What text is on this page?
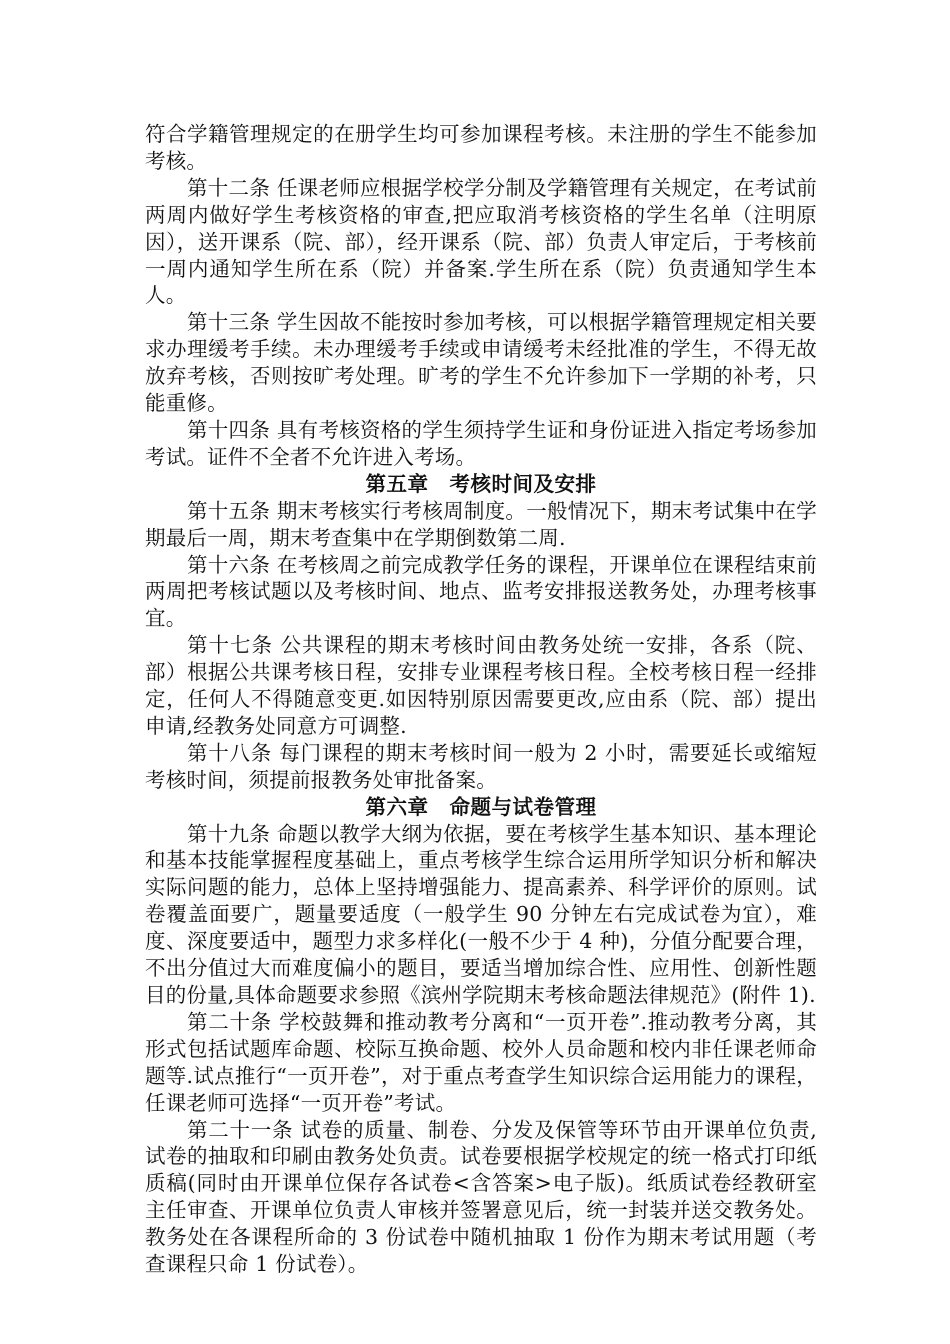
符合学籍管理规定的在册学生均可参加课程考核。未注册的学生不能参加考核。

第十二条 任课老师应根据学校学分制及学籍管理有关规定，在考试前两周内做好学生考核资格的审查,把应取消考核资格的学生名单（注明原因），送开课系（院、部），经开课系（院、部）负责人审定后，于考核前一周内通知学生所在系（院）并备案.学生所在系（院）负责通知学生本人。

第十三条 学生因故不能按时参加考核，可以根据学籍管理规定相关要求办理缓考手续。未办理缓考手续或申请缓考未经批准的学生，不得无故放弃考核，否则按旷考处理。旷考的学生不允许参加下一学期的补考，只能重修。

第十四条 具有考核资格的学生须持学生证和身份证进入指定考场参加考试。证件不全者不允许进入考场。

第五章　考核时间及安排

第十五条 期末考核实行考核周制度。一般情况下，期末考试集中在学期最后一周，期末考查集中在学期倒数第二周.

第十六条 在考核周之前完成教学任务的课程，开课单位在课程结束前两周把考核试题以及考核时间、地点、监考安排报送教务处，办理考核事宜。

第十七条 公共课程的期末考核时间由教务处统一安排，各系（院、部）根据公共课考核日程，安排专业课程考核日程。全校考核日程一经排定，任何人不得随意变更.如因特别原因需要更改,应由系（院、部）提出申请,经教务处同意方可调整.

第十八条 每门课程的期末考核时间一般为 2 小时，需要延长或缩短考核时间，须提前报教务处审批备案。

第六章　命题与试卷管理

第十九条 命题以教学大纲为依据，要在考核学生基本知识、基本理论和基本技能掌握程度基础上，重点考核学生综合运用所学知识分析和解决实际问题的能力，总体上坚持增强能力、提高素养、科学评价的原则。试卷覆盖面要广，题量要适度（一般学生 90 分钟左右完成试卷为宜），难度、深度要适中，题型力求多样化(一般不少于 4 种)，分值分配要合理，不出分值过大而难度偏小的题目，要适当增加综合性、应用性、创新性题目的份量,具体命题要求参照《滨州学院期末考核命题法律规范》(附件 1).

第二十条 学校鼓舞和推动教考分离和“一页开卷”.推动教考分离，其形式包括试题库命题、校际互换命题、校外人员命题和校内非任课老师命题等.试点推行“一页开卷”，对于重点考查学生知识综合运用能力的课程，任课老师可选择“一页开卷”考试。

第二十一条 试卷的质量、制卷、分发及保管等环节由开课单位负责,试卷的抽取和印刷由教务处负责。试卷要根据学校规定的统一格式打印纸质稿(同时由开课单位保存各试卷<含答案>电子版)。纸质试卷经教研室主任审查、开课单位负责人审核并签署意见后，统一封装并送交教务处。教务处在各课程所命的 3 份试卷中随机抽取 1 份作为期末考试用题（考查课程只命 1 份试卷）。
